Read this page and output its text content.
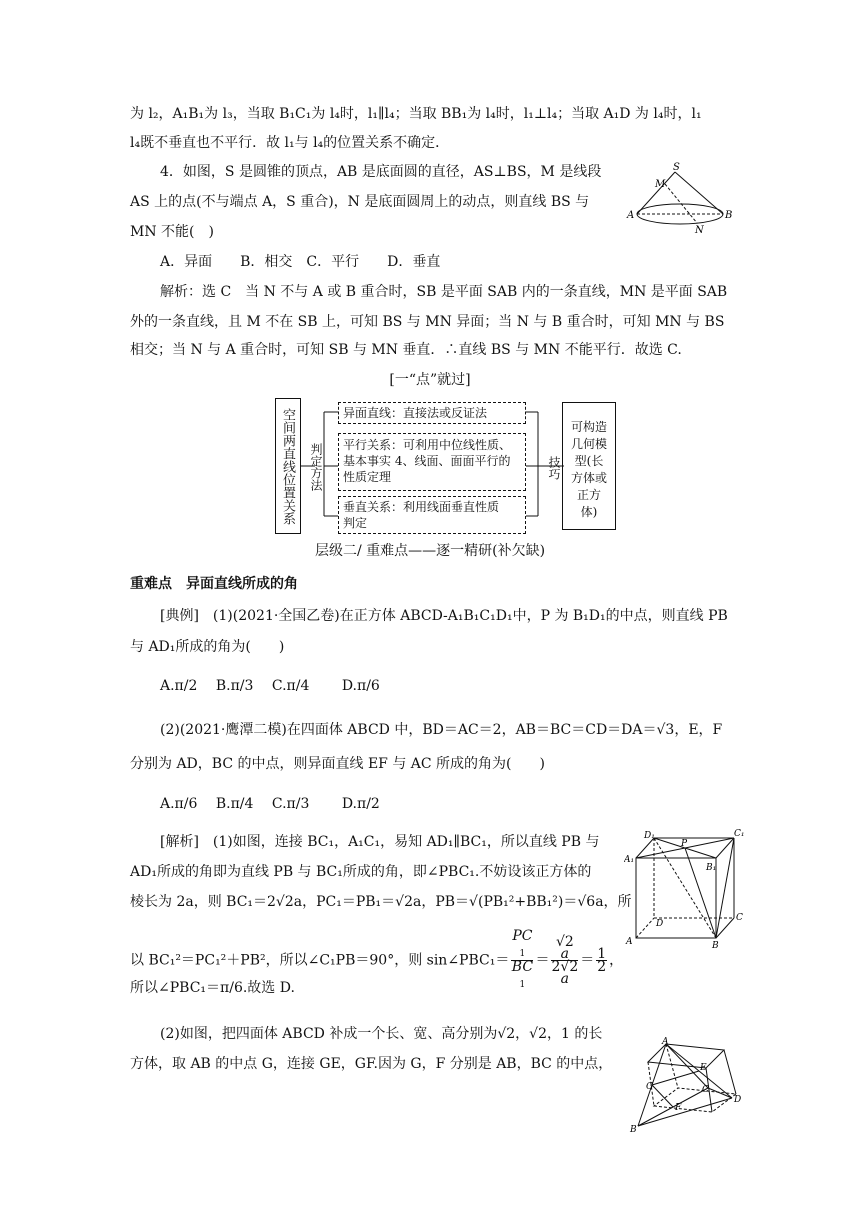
为 l₂，A₁B₁为 l₃，当取 B₁C₁为 l₄时，l₁∥l₄；当取 BB₁为 l₄时，l₁⊥l₄；当取 A₁D 为 l₄时，l₁
l₄既不垂直也不平行．故 l₁与 l₄的位置关系不确定．
4．如图，S 是圆锥的顶点，AB 是底面圆的直径，AS⊥BS，M 是线段
AS 上的点(不与端点 A，S 重合)，N 是底面圆周上的动点，则直线 BS 与
MN 不能(　)
S
M
A	B
N
A．异面　　B．相交　C．平行　　D．垂直
解析：选 C　当 N 不与 A 或 B 重合时，SB 是平面 SAB 内的一条直线，MN 是平面 SAB
外的一条直线，且 M 不在 SB 上，可知 BS 与 MN 异面；当 N 与 B 重合时，可知 MN 与 BS
相交；当 N 与 A 重合时，可知 SB 与 MN 垂直．∴直线 BS 与 MN 不能平行．故选 C.
[一“点”就过]
空间两直线位置关系	判定方法
异面直线：直接法或反证法
平行关系：可利用中位线性质、
基本事实 4、线面、面面平行的
性质定理
垂直关系：利用线面垂直性质
判定
技巧
可构造几何模型(长方体或正方体)
层级二/ 重难点——逐一精研(补欠缺)
重难点　异面直线所成的角
[典例]　(1)(2021·全国乙卷)在正方体 ABCD-A₁B₁C₁D₁中，P 为 B₁D₁的中点，则直线 PB
与 AD₁所成的角为(　　)
A.π/2　 B.π/3　 C.π/4　　 D.π/6
(2)(2021·鹰潭二模)在四面体 ABCD 中，BD＝AC＝2，AB＝BC＝CD＝DA＝√3，E，F
分别为 AD，BC 的中点，则异面直线 EF 与 AC 所成的角为(　　)
A.π/6　 B.π/4　 C.π/3　　 D.π/2
[解析]　(1)如图，连接 BC₁，A₁C₁，易知 AD₁∥BC₁，所以直线 PB 与
AD₁所成的角即为直线 PB 与 BC₁所成的角，即∠PBC₁.不妨设该正方体的
棱长为 2a，则 BC₁＝2√2a，PC₁＝PB₁＝√2a，PB＝√(PB₁²+BB₁²)＝√6a，所
以 BC₁²＝PC₁²＋PB²，所以∠C₁PB＝90°，则 sin∠PBC₁＝ PC
$_1$
BC
$_1$ ＝ √2
a
2√2
$a = \frac{1}{2}$ ，
所以∠PBC₁＝π/6.故选 D.
(2)如图，把四面体 ABCD 补成一个长、宽、高分别为√2，√2，1 的长
方体，取 AB 的中点 G，连接 GE，GF.因为 G，F 分别是 AB，BC 的中点，
D₁	C₁
A₁
P
B₁
D
C
A	B
A
E
G	C
F
D
B
